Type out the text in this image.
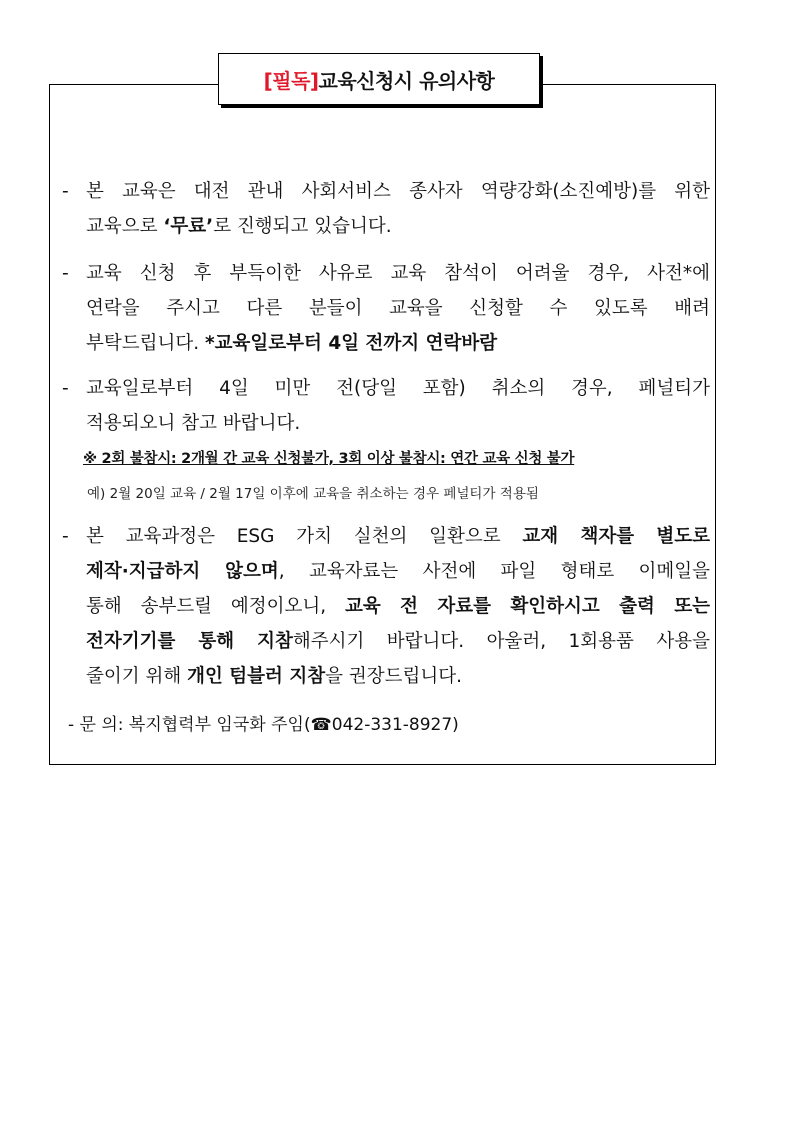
[필독] 교육신청시 유의사항
- 본 교육은 대전 관내 사회서비스 종사자 역량강화(소진예방)를 위한
교육으로 ‘무료’로 진행되고 있습니다.
- 교육 신청 후 부득이한 사유로 교육 참석이 어려울 경우, 사전*에
연락을 주시고 다른 분들이 교육을 신청할 수 있도록 배려
부탁드립니다. *교육일로부터 4일 전까지 연락바람
- 교육일로부터 4일 미만 전(당일 포함) 취소의 경우, 페널티가
적용되오니 참고 바랍니다.
※ 2회 불참시: 2개월 간 교육 신청불가, 3회 이상 불참시: 연간 교육 신청 불가
예) 2월 20일 교육 / 2월 17일 이후에 교육을 취소하는 경우 페널티가 적용됨
- 본 교육과정은 ESG 가치 실천의 일환으로 교재 책자를 별도로
제작·지급하지 않으며, 교육자료는 사전에 파일 형태로 이메일을
통해 송부드릴 예정이오니, 교육 전 자료를 확인하시고 출력 또는
전자기기를 통해 지참해주시기 바랍니다. 아울러, 1회용품 사용을
줄이기 위해 개인 텀블러 지참을 권장드립니다.
- 문 의: 복지협력부 임국화 주임(☎042-331-8927)
